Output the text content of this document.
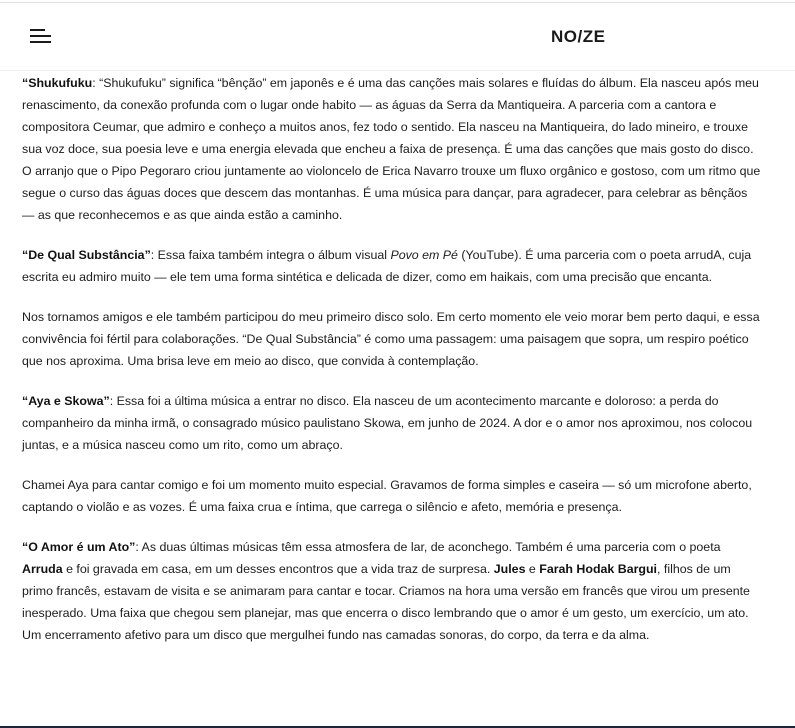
NO/ZE

“Shukufuku: “Shukufuku” significa “bênção” em japonês e é uma das canções mais solares e fluídas do álbum. Ela nasceu após meu renascimento, da conexão profunda com o lugar onde habito — as águas da Serra da Mantiqueira. A parceria com a cantora e compositora Ceumar, que admiro e conheço a muitos anos, fez todo o sentido. Ela nasceu na Mantiqueira, do lado mineiro, e trouxe sua voz doce, sua poesia leve e uma energia elevada que encheu a faixa de presença. É uma das canções que mais gosto do disco. O arranjo que o Pipo Pegoraro criou juntamente ao violoncelo de Erica Navarro trouxe um fluxo orgânico e gostoso, com um ritmo que segue o curso das águas doces que descem das montanhas. É uma música para dançar, para agradecer, para celebrar as bênçãos — as que reconhecemos e as que ainda estão a caminho.

“De Qual Substância”: Essa faixa também integra o álbum visual Povo em Pé (YouTube). É uma parceria com o poeta arrudA, cuja escrita eu admiro muito — ele tem uma forma sintética e delicada de dizer, como em haikais, com uma precisão que encanta.

Nos tornamos amigos e ele também participou do meu primeiro disco solo. Em certo momento ele veio morar bem perto daqui, e essa convivência foi fértil para colaborações. “De Qual Substância” é como uma passagem: uma paisagem que sopra, um respiro poético que nos aproxima. Uma brisa leve em meio ao disco, que convida à contemplação.

“Aya e Skowa”: Essa foi a última música a entrar no disco. Ela nasceu de um acontecimento marcante e doloroso: a perda do companheiro da minha irmã, o consagrado músico paulistano Skowa, em junho de 2024. A dor e o amor nos aproximou, nos colocou juntas, e a música nasceu como um rito, como um abraço.

Chamei Aya para cantar comigo e foi um momento muito especial. Gravamos de forma simples e caseira — só um microfone aberto, captando o violão e as vozes. É uma faixa crua e íntima, que carrega o silêncio e afeto, memória e presença.

“O Amor é um Ato”: As duas últimas músicas têm essa atmosfera de lar, de aconchego. Também é uma parceria com o poeta Arruda e foi gravada em casa, em um desses encontros que a vida traz de surpresa. Jules e Farah Hodak Bargui, filhos de um primo francês, estavam de visita e se animaram para cantar e tocar. Criamos na hora uma versão em francês que virou um presente inesperado. Uma faixa que chegou sem planejar, mas que encerra o disco lembrando que o amor é um gesto, um exercício, um ato. Um encerramento afetivo para um disco que mergulhei fundo nas camadas sonoras, do corpo, da terra e da alma.
